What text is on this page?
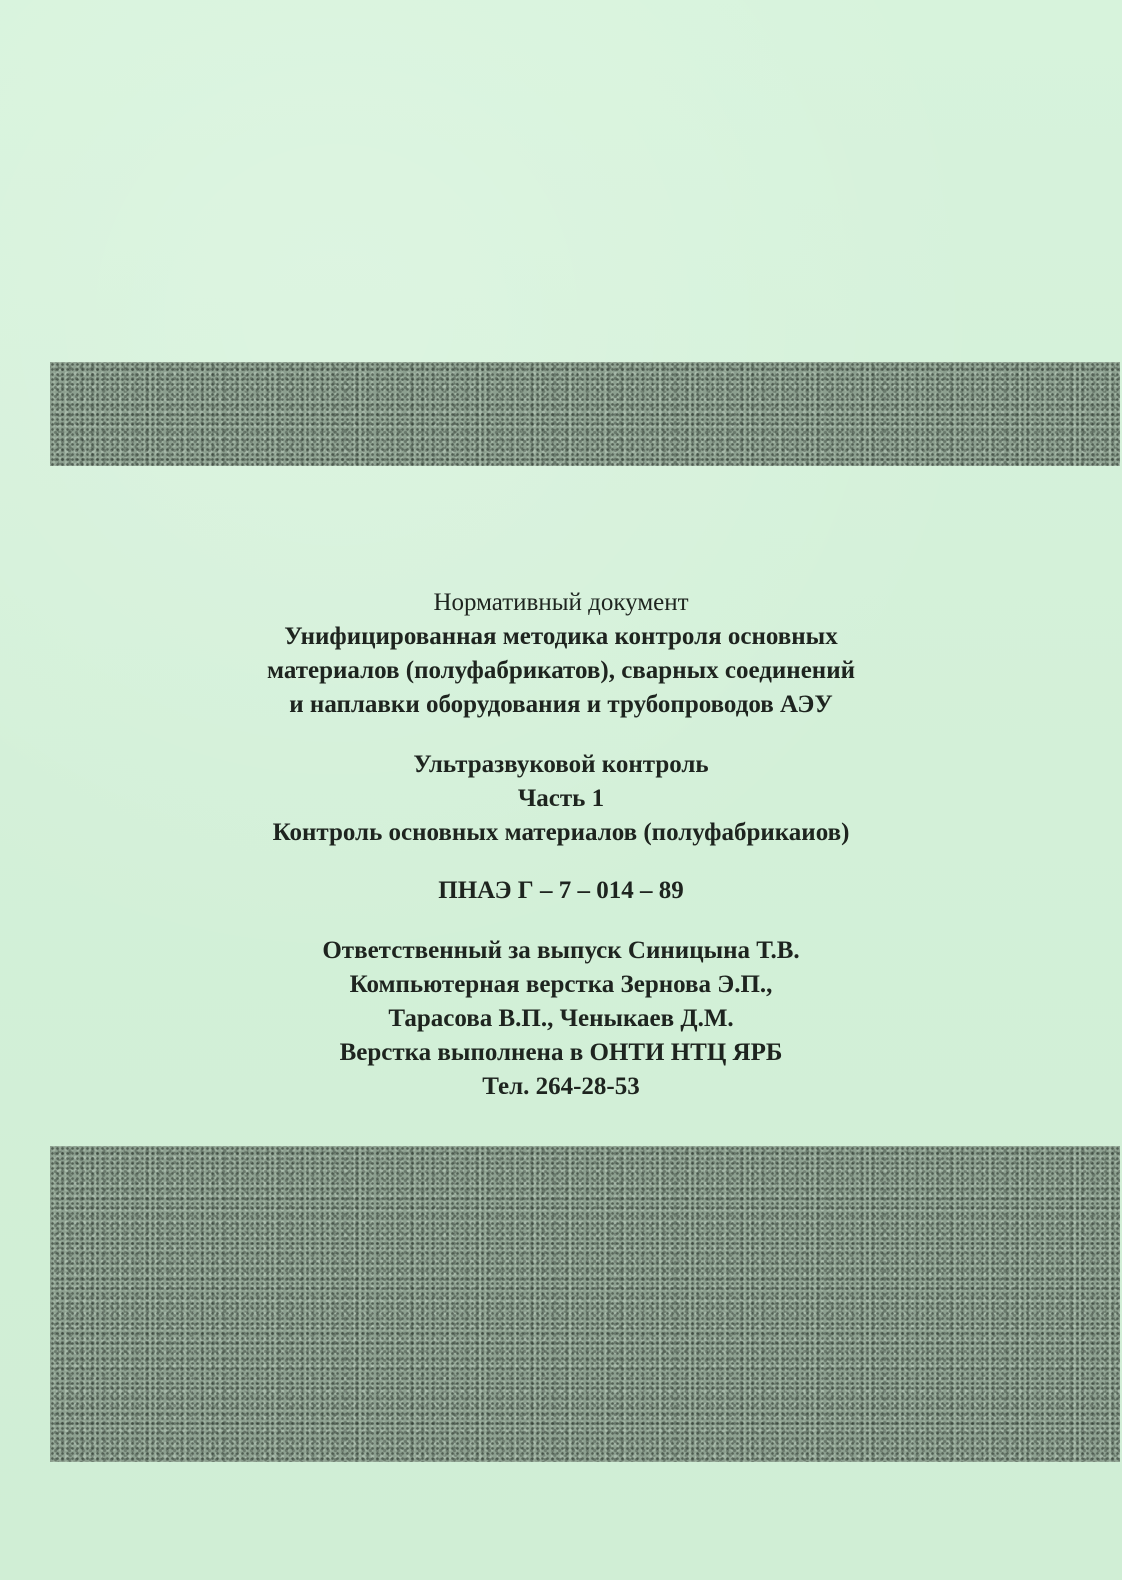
Нормативный документ
Унифицированная методика контроля основных
материалов (полуфабрикатов), сварных соединений
и наплавки оборудования и трубопроводов АЭУ
Ультразвуковой контроль
Часть 1
Контроль основных материалов (полуфабрикаиов)
ПНАЭ Г – 7 – 014 – 89
Ответственный за выпуск Синицына Т.В.
Компьютерная верстка Зернова Э.П.,
Тарасова В.П., Ченыкаев Д.М.
Верстка выполнена в ОНТИ НТЦ ЯРБ
Тел. 264-28-53
